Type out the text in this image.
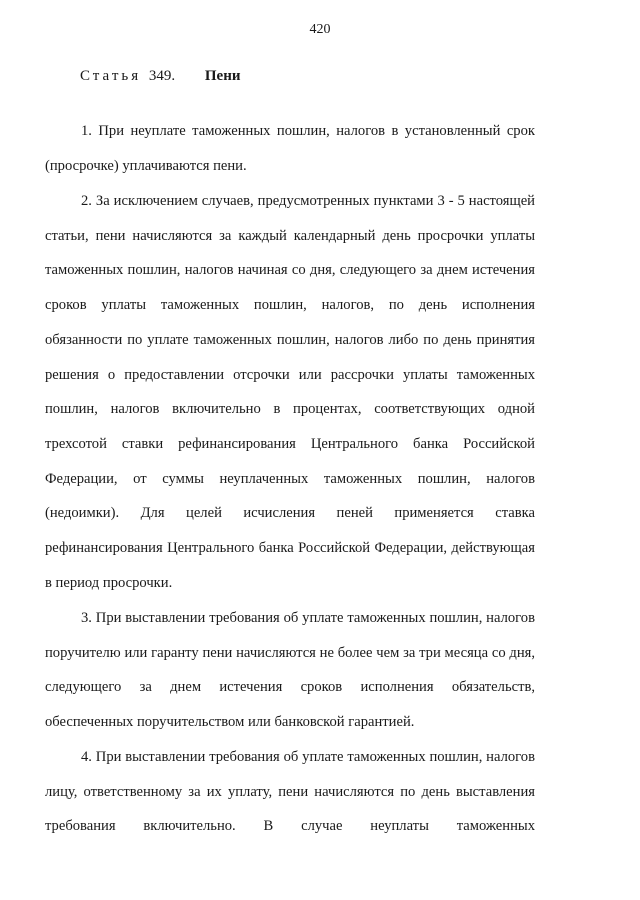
420
Статья 349. Пени

1. При неуплате таможенных пошлин, налогов в установленный срок (просрочке) уплачиваются пени.

2. За исключением случаев, предусмотренных пунктами 3 - 5 настоящей статьи, пени начисляются за каждый календарный день просрочки уплаты таможенных пошлин, налогов начиная со дня, следующего за днем истечения сроков уплаты таможенных пошлин, налогов, по день исполнения обязанности по уплате таможенных пошлин, налогов либо по день принятия решения о предоставлении отсрочки или рассрочки уплаты таможенных пошлин, налогов включительно в процентах, соответствующих одной трехсотой ставки рефинансирования Центрального банка Российской Федерации, от суммы неуплаченных таможенных пошлин, налогов (недоимки). Для целей исчисления пеней применяется ставка рефинансирования Центрального банка Российской Федерации, действующая в период просрочки.

3. При выставлении требования об уплате таможенных пошлин, налогов поручителю или гаранту пени начисляются не более чем за три месяца со дня, следующего за днем истечения сроков исполнения обязательств, обеспеченных поручительством или банковской гарантией.

4. При выставлении требования об уплате таможенных пошлин, налогов лицу, ответственному за их уплату, пени начисляются по день выставления требования включительно. В случае неуплаты таможенных
